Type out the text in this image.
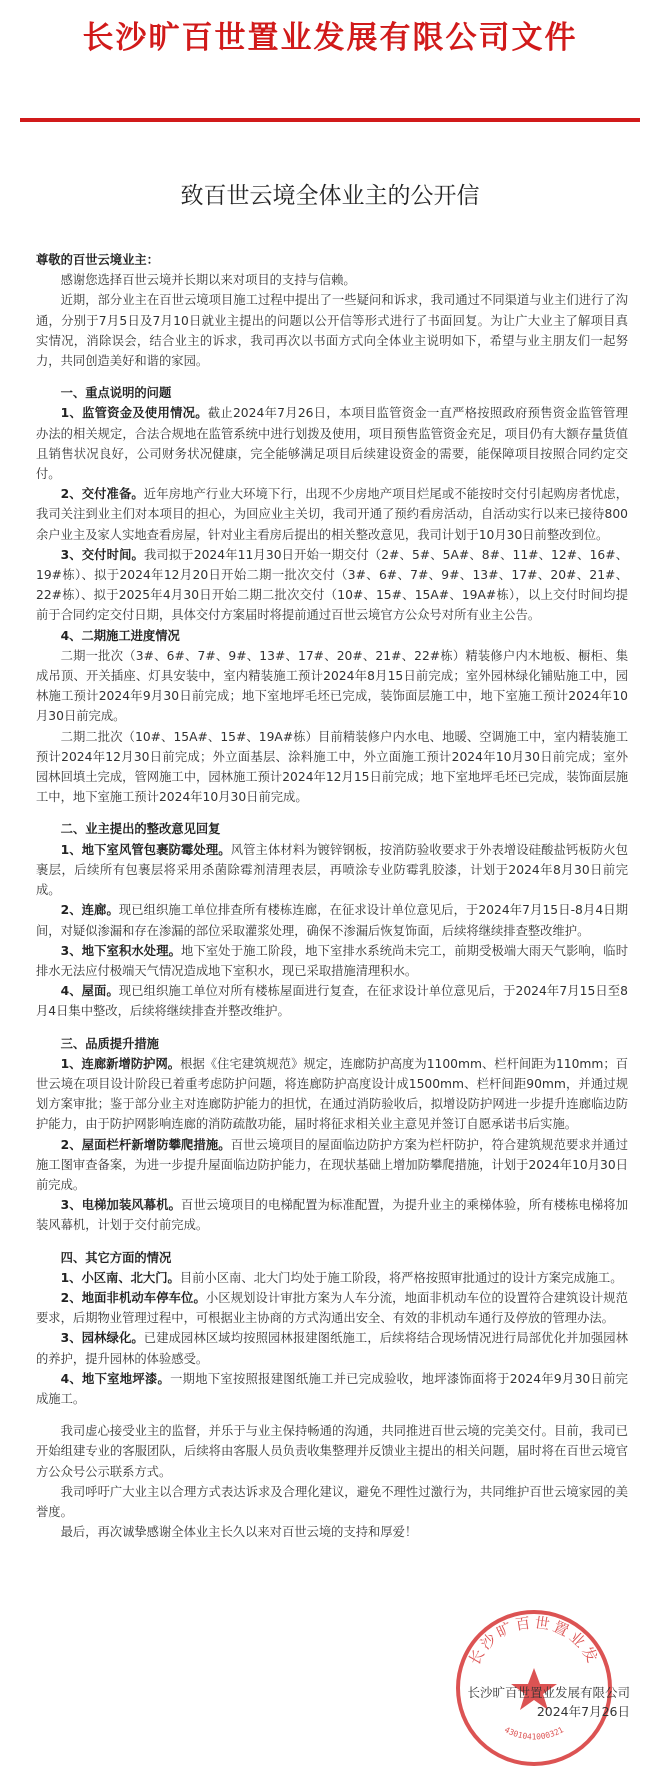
长沙旷百世置业发展有限公司文件
致百世云境全体业主的公开信

尊敬的百世云境业主：

感谢您选择百世云境并长期以来对项目的支持与信赖。

近期，部分业主在百世云境项目施工过程中提出了一些疑问和诉求，我司通过不同渠道与业主们进行了沟通，分别于7月5日及7月10日就业主提出的问题以公开信等形式进行了书面回复。为让广大业主了解项目真实情况，消除误会，结合业主的诉求，我司再次以书面方式向全体业主说明如下，希望与业主朋友们一起努力，共同创造美好和谐的家园。

一、重点说明的问题

1、监管资金及使用情况。截止2024年7月26日，本项目监管资金一直严格按照政府预售资金监管管理办法的相关规定，合法合规地在监管系统中进行划拨及使用，项目预售监管资金充足，项目仍有大额存量货值且销售状况良好，公司财务状况健康，完全能够满足项目后续建设资金的需要，能保障项目按照合同约定交付。

2、交付准备。近年房地产行业大环境下行，出现不少房地产项目烂尾或不能按时交付引起购房者忧虑，我司关注到业主们对本项目的担心，为回应业主关切，我司开通了预约看房活动，自活动实行以来已接待800余户业主及家人实地查看房屋，针对业主看房后提出的相关整改意见，我司计划于10月30日前整改到位。

3、交付时间。我司拟于2024年11月30日开始一期交付（2#、5#、5A#、8#、11#、12#、16#、19#栋）、拟于2024年12月20日开始二期一批次交付（3#、6#、7#、9#、13#、17#、20#、21#、22#栋）、拟于2025年4月30日开始二期二批次交付（10#、15#、15A#、19A#栋），以上交付时间均提前于合同约定交付日期，具体交付方案届时将提前通过百世云境官方公众号对所有业主公告。

4、二期施工进度情况

二期一批次（3#、6#、7#、9#、13#、17#、20#、21#、22#栋）精装修户内木地板、橱柜、集成吊顶、开关插座、灯具安装中，室内精装施工预计2024年8月15日前完成；室外园林绿化铺贴施工中，园林施工预计2024年9月30日前完成；地下室地坪毛坯已完成，装饰面层施工中，地下室施工预计2024年10月30日前完成。

二期二批次（10#、15A#、15#、19A#栋）目前精装修户内水电、地暖、空调施工中，室内精装施工预计2024年12月30日前完成；外立面基层、涂料施工中，外立面施工预计2024年10月30日前完成；室外园林回填土完成，管网施工中，园林施工预计2024年12月15日前完成；地下室地坪毛坯已完成，装饰面层施工中，地下室施工预计2024年10月30日前完成。

二、业主提出的整改意见回复

1、地下室风管包裹防霉处理。风管主体材料为镀锌钢板，按消防验收要求于外表增设硅酸盐钙板防火包裹层，后续所有包裹层将采用杀菌除霉剂清理表层，再喷涂专业防霉乳胶漆，计划于2024年8月30日前完成。

2、连廊。现已组织施工单位排查所有楼栋连廊，在征求设计单位意见后，于2024年7月15日-8月4日期间，对疑似渗漏和存在渗漏的部位采取灌浆处理，确保不渗漏后恢复饰面，后续将继续排查整改维护。

3、地下室积水处理。地下室处于施工阶段，地下室排水系统尚未完工，前期受极端大雨天气影响，临时排水无法应付极端天气情况造成地下室积水，现已采取措施清理积水。

4、屋面。现已组织施工单位对所有楼栋屋面进行复查，在征求设计单位意见后，于2024年7月15日至8月4日集中整改，后续将继续排查并整改维护。

三、品质提升措施

1、连廊新增防护网。根据《住宅建筑规范》规定，连廊防护高度为1100mm、栏杆间距为110mm；百世云境在项目设计阶段已着重考虑防护问题，将连廊防护高度设计成1500mm、栏杆间距90mm，并通过规划方案审批；鉴于部分业主对连廊防护能力的担忧，在通过消防验收后，拟增设防护网进一步提升连廊临边防护能力，由于防护网影响连廊的消防疏散功能，届时将征求相关业主意见并签订自愿承诺书后实施。

2、屋面栏杆新增防攀爬措施。百世云境项目的屋面临边防护方案为栏杆防护，符合建筑规范要求并通过施工图审查备案，为进一步提升屋面临边防护能力，在现状基础上增加防攀爬措施，计划于2024年10月30日前完成。

3、电梯加装风幕机。百世云境项目的电梯配置为标准配置，为提升业主的乘梯体验，所有楼栋电梯将加装风幕机，计划于交付前完成。

四、其它方面的情况

1、小区南、北大门。目前小区南、北大门均处于施工阶段，将严格按照审批通过的设计方案完成施工。

2、地面非机动车停车位。小区规划设计审批方案为人车分流，地面非机动车位的设置符合建筑设计规范要求，后期物业管理过程中，可根据业主协商的方式沟通出安全、有效的非机动车通行及停放的管理办法。

3、园林绿化。已建成园林区域均按照园林报建图纸施工，后续将结合现场情况进行局部优化并加强园林的养护，提升园林的体验感受。

4、地下室地坪漆。一期地下室按照报建图纸施工并已完成验收，地坪漆饰面将于2024年9月30日前完成施工。

我司虚心接受业主的监督，并乐于与业主保持畅通的沟通，共同推进百世云境的完美交付。目前，我司已开始组建专业的客服团队，后续将由客服人员负责收集整理并反馈业主提出的相关问题，届时将在百世云境官方公众号公示联系方式。

我司呼吁广大业主以合理方式表达诉求及合理化建议，避免不理性过激行为，共同维护百世云境家园的美誉度。

最后，再次诚挚感谢全体业主长久以来对百世云境的支持和厚爱！

长沙旷百世置业发
4301041000321
长沙旷百世置业发展有限公司
2024年7月26日
